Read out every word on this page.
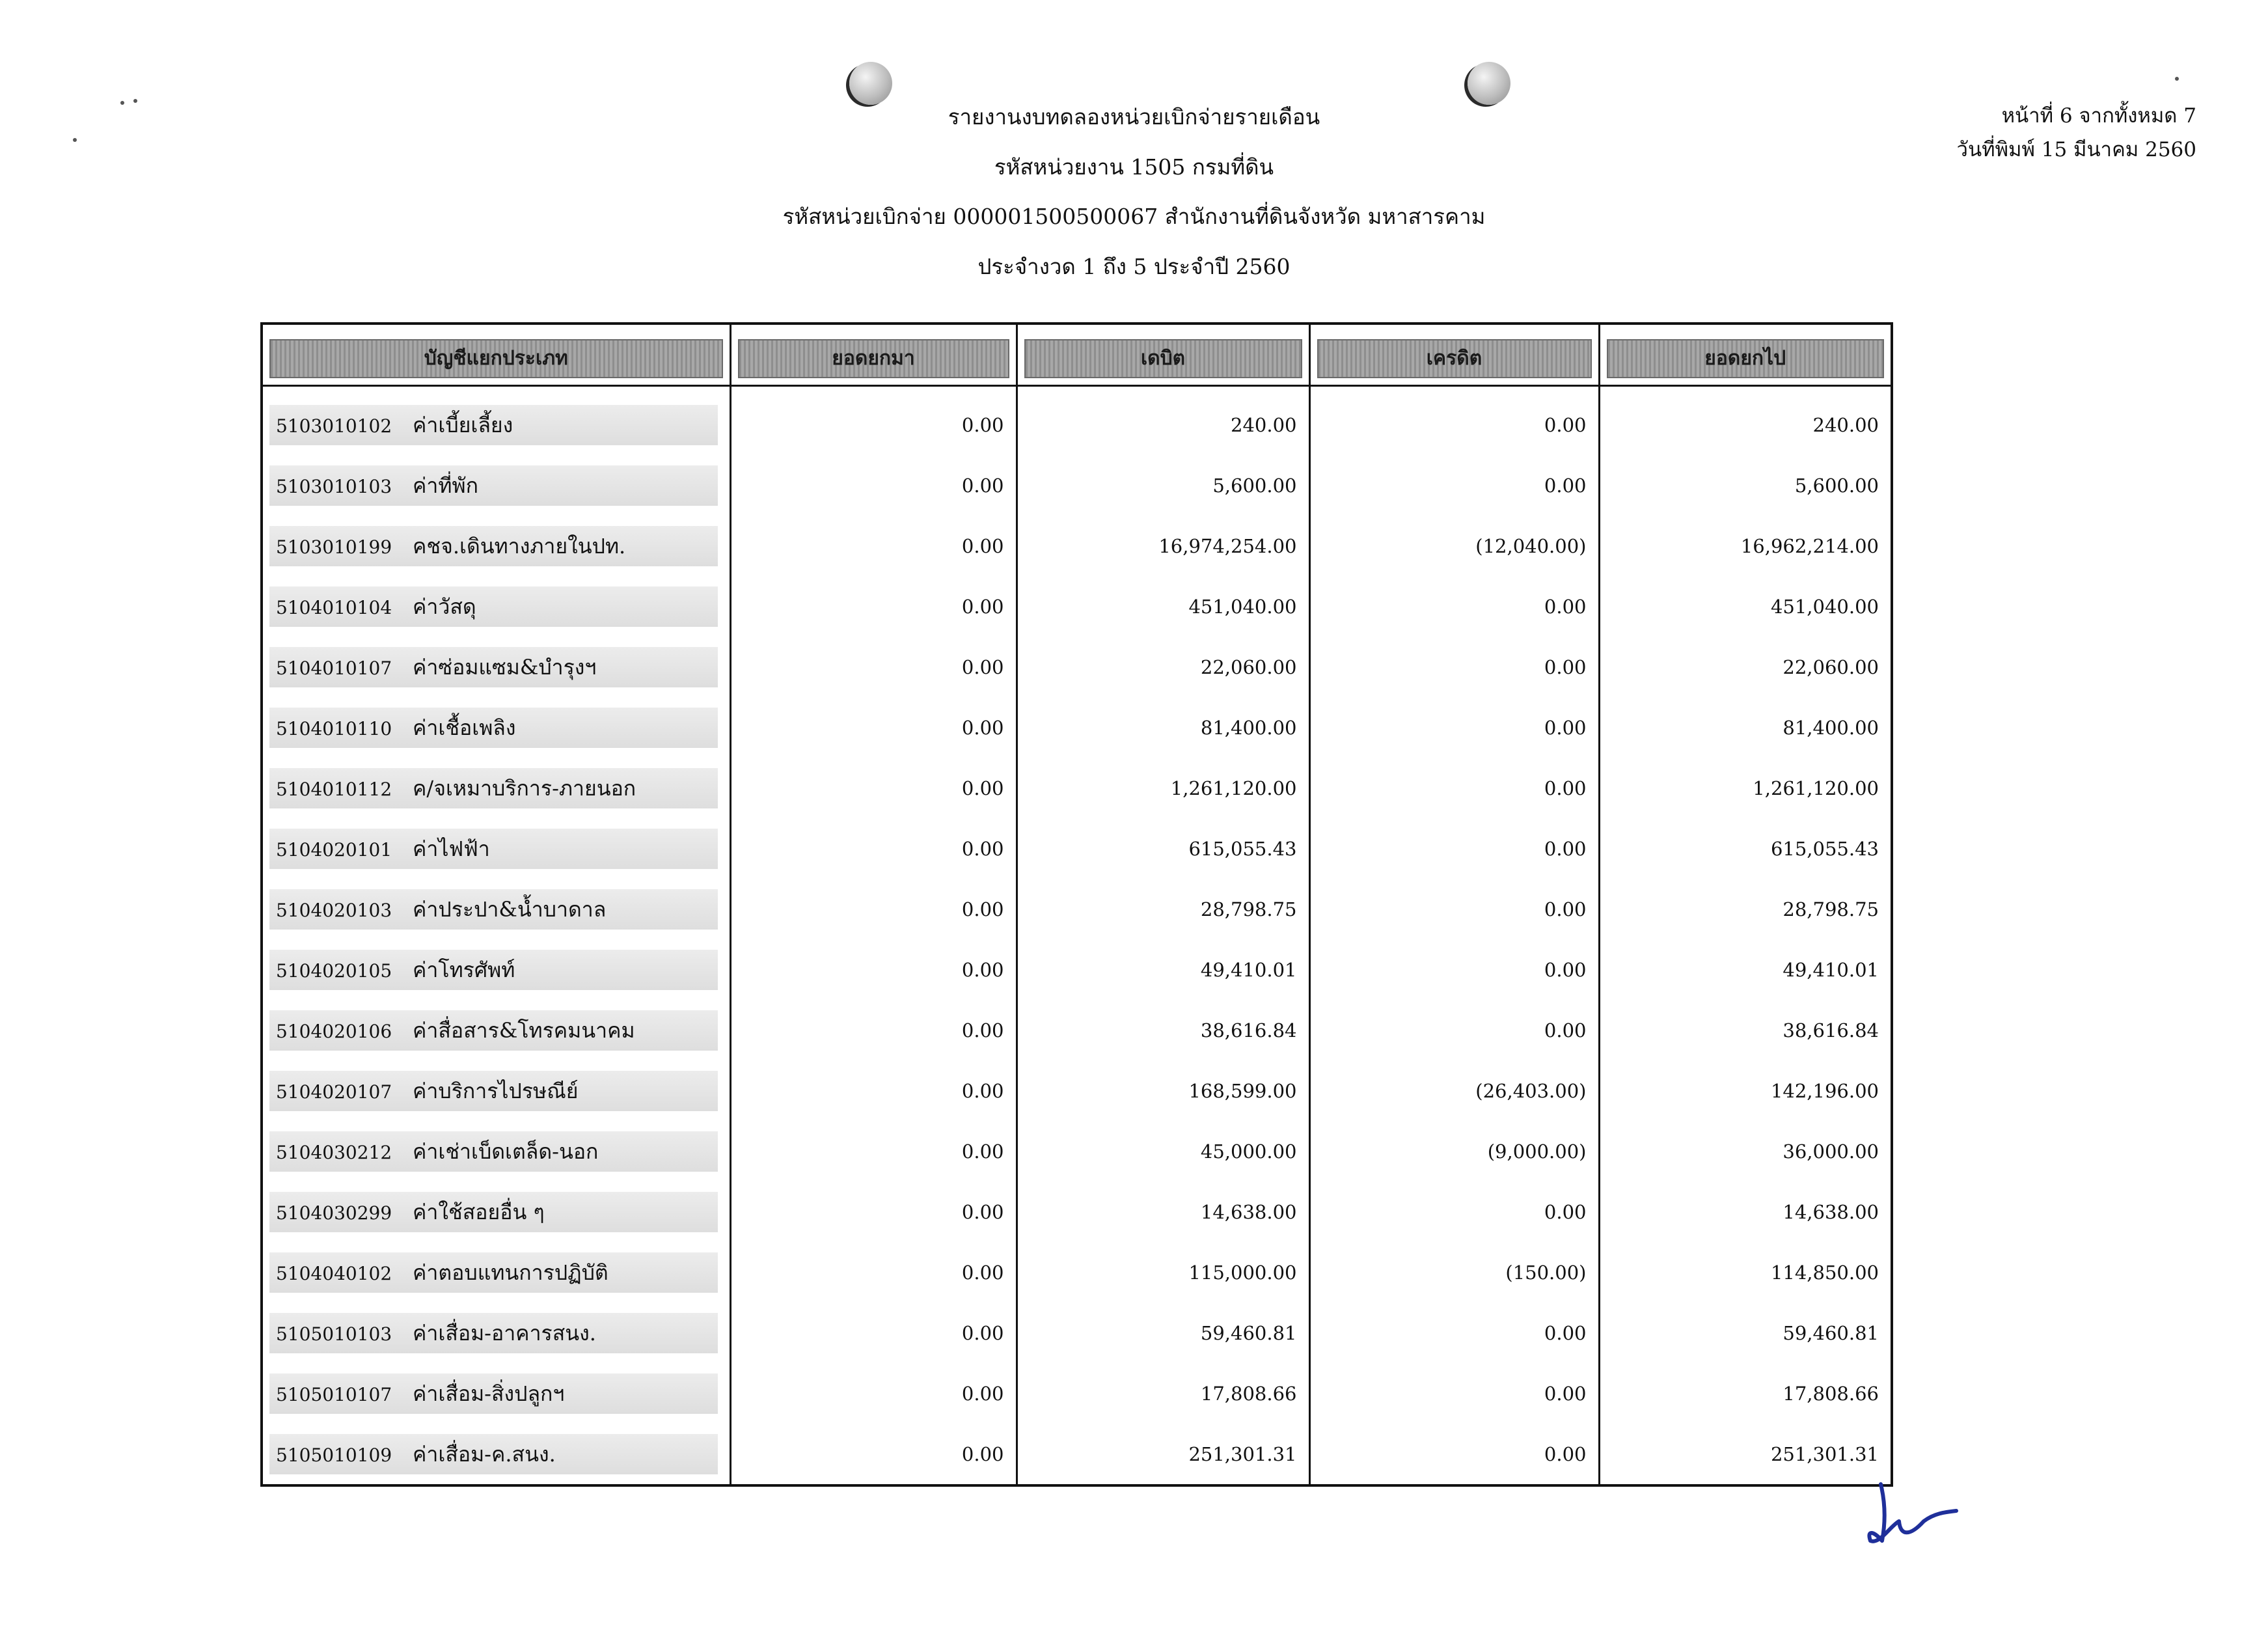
รายงานงบทดลองหน่วยเบิกจ่ายรายเดือน
รหัสหน่วยงาน 1505 กรมที่ดิน
รหัสหน่วยเบิกจ่าย 000001500500067 สำนักงานที่ดินจังหวัด มหาสารคาม
ประจำงวด 1 ถึง 5 ประจำปี 2560
หน้าที่ 6 จากทั้งหมด 7
วันที่พิมพ์ 15 มีนาคม 2560
บัญชีแยกประเภท	ยอดยกมา	เดบิต	เครดิต	ยอดยกไป

5103010102 ค่าเบี้ยเลี้ยง	0.00	240.00	0.00	240.00
5103010103 ค่าที่พัก	0.00	5,600.00	0.00	5,600.00
5103010199 คชจ.เดินทางภายในปท.	0.00	16,974,254.00	(12,040.00)	16,962,214.00
5104010104 ค่าวัสดุ	0.00	451,040.00	0.00	451,040.00
5104010107 ค่าซ่อมแซม&บำรุงฯ	0.00	22,060.00	0.00	22,060.00
5104010110 ค่าเชื้อเพลิง	0.00	81,400.00	0.00	81,400.00
5104010112 ค/จเหมาบริการ-ภายนอก	0.00	1,261,120.00	0.00	1,261,120.00
5104020101 ค่าไฟฟ้า	0.00	615,055.43	0.00	615,055.43
5104020103 ค่าประปา&น้ำบาดาล	0.00	28,798.75	0.00	28,798.75
5104020105 ค่าโทรศัพท์	0.00	49,410.01	0.00	49,410.01
5104020106 ค่าสื่อสาร&โทรคมนาคม	0.00	38,616.84	0.00	38,616.84
5104020107 ค่าบริการไปรษณีย์	0.00	168,599.00	(26,403.00)	142,196.00
5104030212 ค่าเช่าเบ็ดเตล็ด-นอก	0.00	45,000.00	(9,000.00)	36,000.00
5104030299 ค่าใช้สอยอื่น ๆ	0.00	14,638.00	0.00	14,638.00
5104040102 ค่าตอบแทนการปฏิบัติ	0.00	115,000.00	(150.00)	114,850.00
5105010103 ค่าเสื่อม-อาคารสนง.	0.00	59,460.81	0.00	59,460.81
5105010107 ค่าเสื่อม-สิ่งปลูกฯ	0.00	17,808.66	0.00	17,808.66
5105010109 ค่าเสื่อม-ค.สนง.	0.00	251,301.31	0.00	251,301.31
